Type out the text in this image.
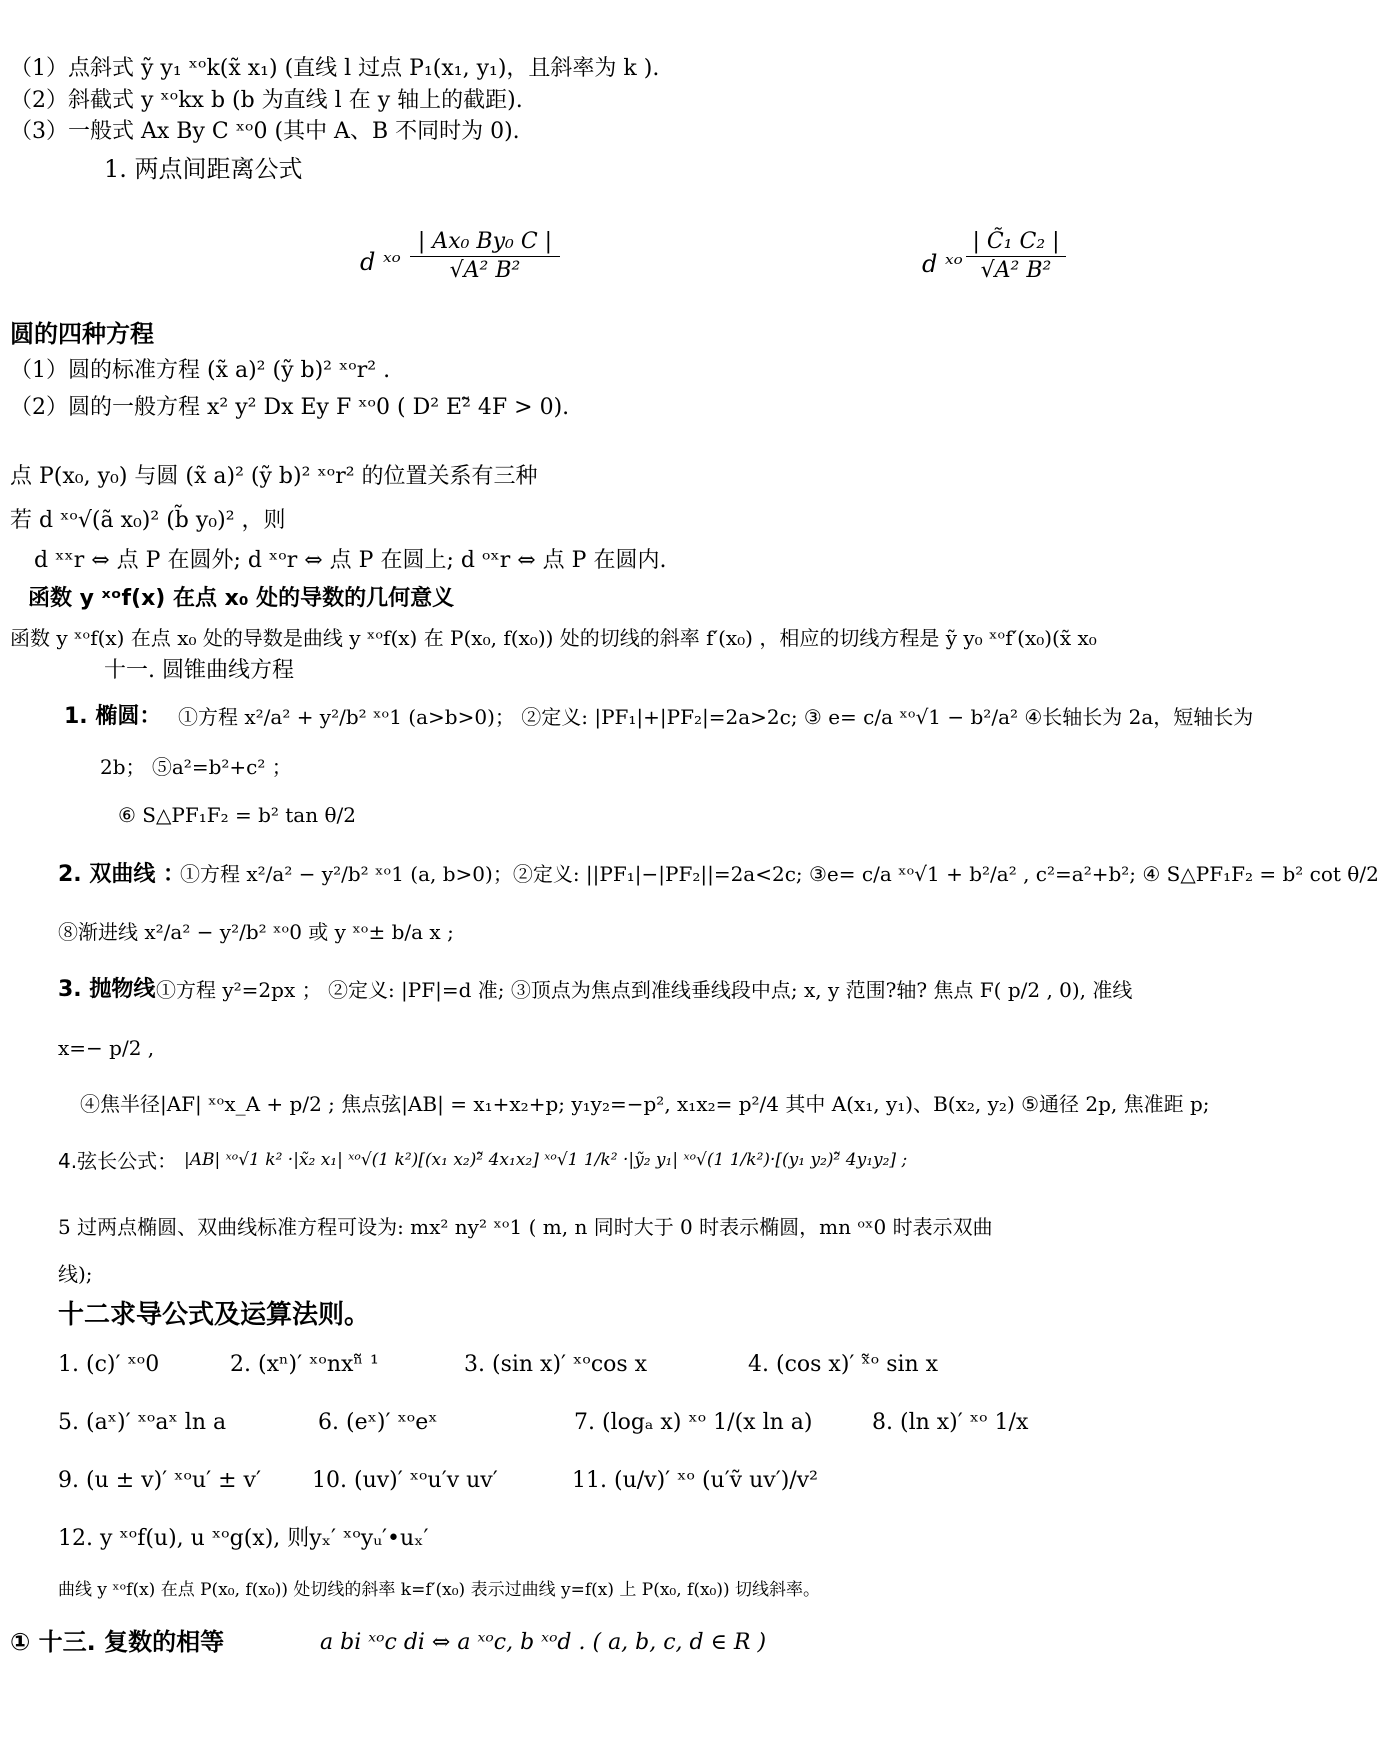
（1）点斜式 ỹ y₁ ˣᵒk(x̃ x₁) (直线 l 过点 P₁(x₁, y₁)，且斜率为 k ).
（2）斜截式 y ˣᵒkx b (b 为直线 l 在 y 轴上的截距).
（3）一般式 Ax By C ˣᵒ0 (其中 A、B 不同时为 0).
1. 两点间距离公式
d ˣᵒ
| Ax₀ By₀ C |
√A² B²	d ˣᵒ
| C̃₁ C₂ |
√A² B²
圆的四种方程
（1）圆的标准方程 (x̃ a)² (ỹ b)² ˣᵒr² .
（2）圆的一般方程 x² y² Dx Ey F ˣᵒ0 ( D² E²̃ 4F > 0).
点 P(x₀, y₀) 与圆 (x̃ a)² (ỹ b)² ˣᵒr² 的位置关系有三种
若 d ˣᵒ√(ã x₀)² (b̃ y₀)² ，则
d ˣˣr ⇔ 点 P 在圆外; d ˣᵒr ⇔ 点 P 在圆上; d ᵒˣr ⇔ 点 P 在圆内.
函数 y ˣᵒf(x) 在点 x₀ 处的导数的几何意义
函数 y ˣᵒf(x) 在点 x₀ 处的导数是曲线 y ˣᵒf(x) 在 P(x₀, f(x₀)) 处的切线的斜率 f′(x₀) ，相应的切线方程是 ỹ y₀ ˣᵒf′(x₀)(x̃ x₀
十一. 圆锥曲线方程
1. 椭圆： ①方程 x²/a² + y²/b² ˣᵒ1 (a>b>0)； ②定义: |PF₁|+|PF₂|=2a>2c; ③ e= c/a ˣᵒ√1 − b²/a² ④长轴长为 2a，短轴长为
2b； ⑤a²=b²+c² ；
⑥ S△PF₁F₂ = b² tan θ/2
2. 双曲线 ：
①方程 x²/a² − y²/b² ˣᵒ1 (a, b>0)；②定义: ||PF₁|−|PF₂||=2a<2c; ③e= c/a ˣᵒ√1 + b²/a² , c²=a²+b²; ④ S△PF₁F₂ = b² cot θ/2
⑧渐进线 x²/a² − y²/b² ˣᵒ0 或 y ˣᵒ± b/a x ;
3. 抛物线 ①方程 y²=2px ； ②定义: |PF|=d 准; ③顶点为焦点到准线垂线段中点; x, y 范围?轴? 焦点 F( p/2 , 0), 准线
x=− p/2 ,
④焦半径|AF| ˣᵒx_A + p/2 ; 焦点弦|AB| = x₁+x₂+p; y₁y₂=−p², x₁x₂= p²/4 其中 A(x₁, y₁)、B(x₂, y₂) ⑤通径 2p, 焦准距 p;
4.弦长公式： |AB| ˣᵒ√1 k² ·|x̃₂ x₁| ˣᵒ√(1 k²)[(x₁ x₂)²̃ 4x₁x₂] ˣᵒ√1 1/k² ·|ỹ₂ y₁| ˣᵒ√(1 1/k²)·[(y₁ y₂)²̃ 4y₁y₂] ;
5 过两点椭圆、双曲线标准方程可设为: mx² ny² ˣᵒ1 ( m, n 同时大于 0 时表示椭圆，mn ᵒˣ0 时表示双曲
线);
十二求导公式及运算法则。
1. (c)′ ˣᵒ0	2. (xⁿ)′ ˣᵒnxⁿ̃ ¹	3. (sin x)′ ˣᵒcos x	4. (cos x)′ ˣ̃ᵒ sin x
5. (aˣ)′ ˣᵒaˣ ln a	6. (eˣ)′ ˣᵒeˣ	7. (logₐ x) ˣᵒ 1/(x ln a)	8. (ln x)′ ˣᵒ 1/x
9. (u ± v)′ ˣᵒu′ ± v′ 10. (uv)′ ˣᵒu′v uv′	11. (u/v)′ ˣᵒ (u′ṽ uv′)/v²
12. y ˣᵒf(u), u ˣᵒg(x), 则yₓ′ ˣᵒyᵤ′•uₓ′
曲线 y ˣᵒf(x) 在点 P(x₀, f(x₀)) 处切线的斜率 k=f′(x₀) 表示过曲线 y=f(x) 上 P(x₀, f(x₀)) 切线斜率。
① 十三. 复数的相等	a bi ˣᵒc di ⇔ a ˣᵒc, b ˣᵒd . ( a, b, c, d ∈ R )
